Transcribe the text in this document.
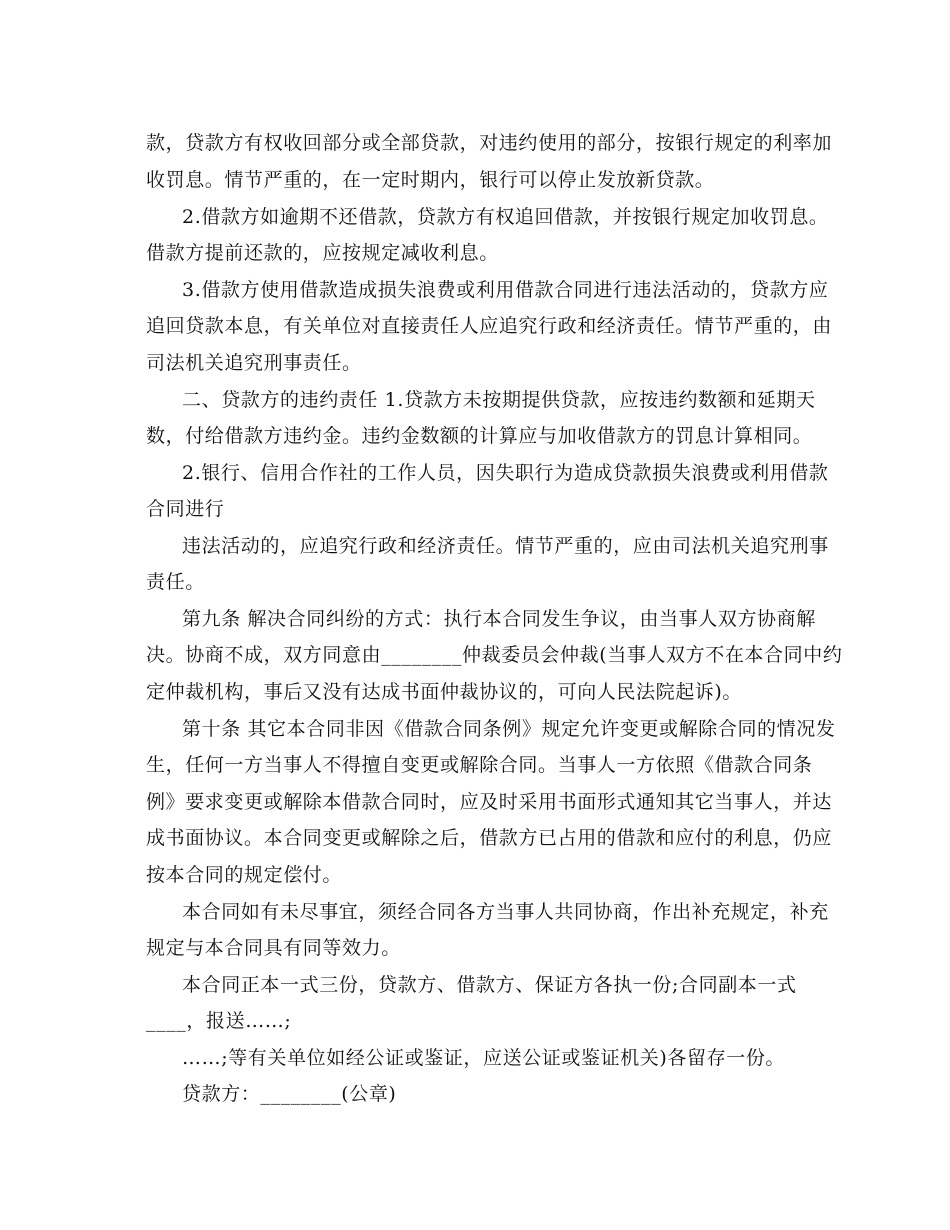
款，贷款方有权收回部分或全部贷款，对违约使用的部分，按银行规定的利率加
收罚息。情节严重的，在一定时期内，银行可以停止发放新贷款。
2.借款方如逾期不还借款，贷款方有权追回借款，并按银行规定加收罚息。
借款方提前还款的，应按规定减收利息。
3.借款方使用借款造成损失浪费或利用借款合同进行违法活动的，贷款方应
追回贷款本息，有关单位对直接责任人应追究行政和经济责任。情节严重的，由
司法机关追究刑事责任。
二、贷款方的违约责任 1.贷款方未按期提供贷款，应按违约数额和延期天
数，付给借款方违约金。违约金数额的计算应与加收借款方的罚息计算相同。
2.银行、信用合作社的工作人员，因失职行为造成贷款损失浪费或利用借款
合同进行
违法活动的，应追究行政和经济责任。情节严重的，应由司法机关追究刑事
责任。
第九条 解决合同纠纷的方式：执行本合同发生争议，由当事人双方协商解
决。协商不成，双方同意由________仲裁委员会仲裁(当事人双方不在本合同中约
定仲裁机构，事后又没有达成书面仲裁协议的，可向人民法院起诉)。
第十条 其它本合同非因《借款合同条例》规定允许变更或解除合同的情况发
生，任何一方当事人不得擅自变更或解除合同。当事人一方依照《借款合同条
例》要求变更或解除本借款合同时，应及时采用书面形式通知其它当事人，并达
成书面协议。本合同变更或解除之后，借款方已占用的借款和应付的利息，仍应
按本合同的规定偿付。
本合同如有未尽事宜，须经合同各方当事人共同协商，作出补充规定，补充
规定与本合同具有同等效力。
本合同正本一式三份，贷款方、借款方、保证方各执一份;合同副本一式
____，报送……;
……;等有关单位如经公证或鉴证，应送公证或鉴证机关)各留存一份。
贷款方：________(公章)
